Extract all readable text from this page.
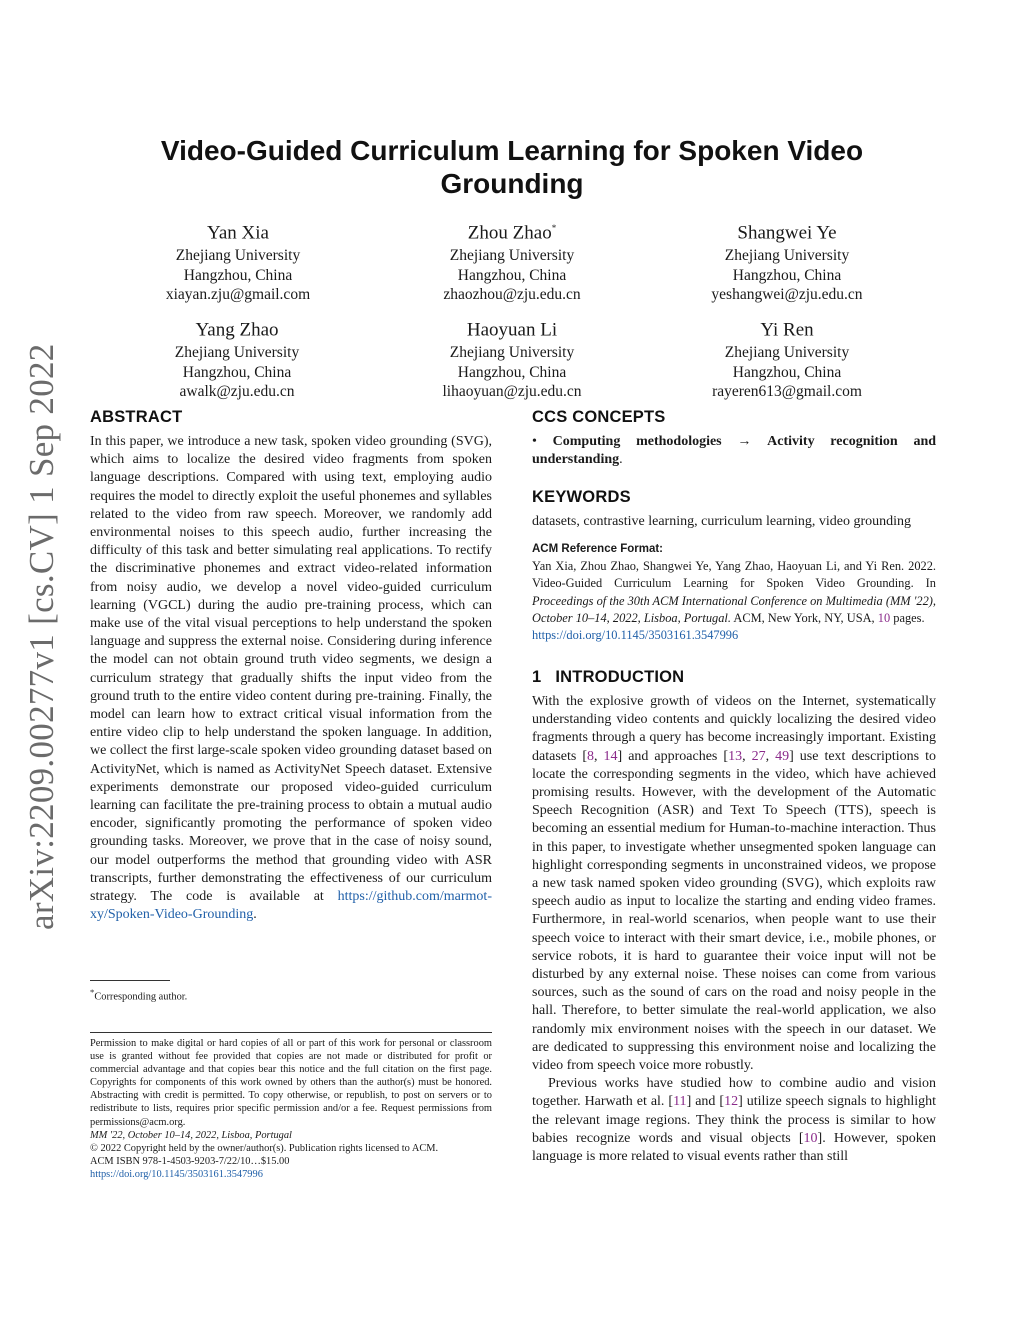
arXiv:2209.00277v1 [cs.CV] 1 Sep 2022
Video-Guided Curriculum Learning for Spoken Video Grounding
Yan Xia
Zhejiang University
Hangzhou, China
xiayan.zju@gmail.com
Zhou Zhao*
Zhejiang University
Hangzhou, China
zhaozhou@zju.edu.cn
Shangwei Ye
Zhejiang University
Hangzhou, China
yeshangwei@zju.edu.cn
Yang Zhao
Zhejiang University
Hangzhou, China
awalk@zju.edu.cn
Haoyuan Li
Zhejiang University
Hangzhou, China
lihaoyuan@zju.edu.cn
Yi Ren
Zhejiang University
Hangzhou, China
rayeren613@gmail.com
ABSTRACT

In this paper, we introduce a new task, spoken video grounding (SVG), which aims to localize the desired video fragments from spoken language descriptions. Compared with using text, employing audio requires the model to directly exploit the useful phonemes and syllables related to the video from raw speech. Moreover, we randomly add environmental noises to this speech audio, further increasing the difficulty of this task and better simulating real applications. To rectify the discriminative phonemes and extract video-related information from noisy audio, we develop a novel video-guided curriculum learning (VGCL) during the audio pre-training process, which can make use of the vital visual perceptions to help understand the spoken language and suppress the external noise. Considering during inference the model can not obtain ground truth video segments, we design a curriculum strategy that gradually shifts the input video from the ground truth to the entire video content during pre-training. Finally, the model can learn how to extract critical visual information from the entire video clip to help understand the spoken language. In addition, we collect the first large-scale spoken video grounding dataset based on ActivityNet, which is named as ActivityNet Speech dataset. Extensive experiments demonstrate our proposed video-guided curriculum learning can facilitate the pre-training process to obtain a mutual audio encoder, significantly promoting the performance of spoken video grounding tasks. Moreover, we prove that in the case of noisy sound, our model outperforms the method that grounding video with ASR transcripts, further demonstrating the effectiveness of our curriculum strategy. The code is available at https://github.com/marmot-xy/Spoken-Video-Grounding.

*Corresponding author.

Permission to make digital or hard copies of all or part of this work for personal or classroom use is granted without fee provided that copies are not made or distributed for profit or commercial advantage and that copies bear this notice and the full citation on the first page. Copyrights for components of this work owned by others than the author(s) must be honored. Abstracting with credit is permitted. To copy otherwise, or republish, to post on servers or to redistribute to lists, requires prior specific permission and/or a fee. Request permissions from permissions@acm.org.

MM '22, October 10–14, 2022, Lisboa, Portugal

© 2022 Copyright held by the owner/author(s). Publication rights licensed to ACM.

ACM ISBN 978-1-4503-9203-7/22/10…$15.00

https://doi.org/10.1145/3503161.3547996

CCS CONCEPTS

• Computing methodologies → Activity recognition and understanding.

KEYWORDS
datasets, contrastive learning, curriculum learning, video grounding
ACM Reference Format:

Yan Xia, Zhou Zhao, Shangwei Ye, Yang Zhao, Haoyuan Li, and Yi Ren. 2022. Video-Guided Curriculum Learning for Spoken Video Grounding. In Proceedings of the 30th ACM International Conference on Multimedia (MM '22), October 10–14, 2022, Lisboa, Portugal. ACM, New York, NY, USA, 10 pages.

https://doi.org/10.1145/3503161.3547996

1 INTRODUCTION

With the explosive growth of videos on the Internet, systematically understanding video contents and quickly localizing the desired video fragments through a query has become increasingly important. Existing datasets [8, 14] and approaches [13, 27, 49] use text descriptions to locate the corresponding segments in the video, which have achieved promising results. However, with the development of the Automatic Speech Recognition (ASR) and Text To Speech (TTS), speech is becoming an essential medium for Human-to-machine interaction. Thus in this paper, to investigate whether unsegmented spoken language can highlight corresponding segments in unconstrained videos, we propose a new task named spoken video grounding (SVG), which exploits raw speech audio as input to localize the starting and ending video frames. Furthermore, in real-world scenarios, when people want to use their speech voice to interact with their smart device, i.e., mobile phones, or service robots, it is hard to guarantee their voice input will not be disturbed by any external noise. These noises can come from various sources, such as the sound of cars on the road and noisy people in the hall. Therefore, to better simulate the real-world application, we also randomly mix environment noises with the speech in our dataset. We are dedicated to suppressing this environment noise and localizing the video from speech voice more robustly.

Previous works have studied how to combine audio and vision together. Harwath et al. [11] and [12] utilize speech signals to highlight the relevant image regions. They think the process is similar to how babies recognize words and visual objects [10]. However, spoken language is more related to visual events rather than still
